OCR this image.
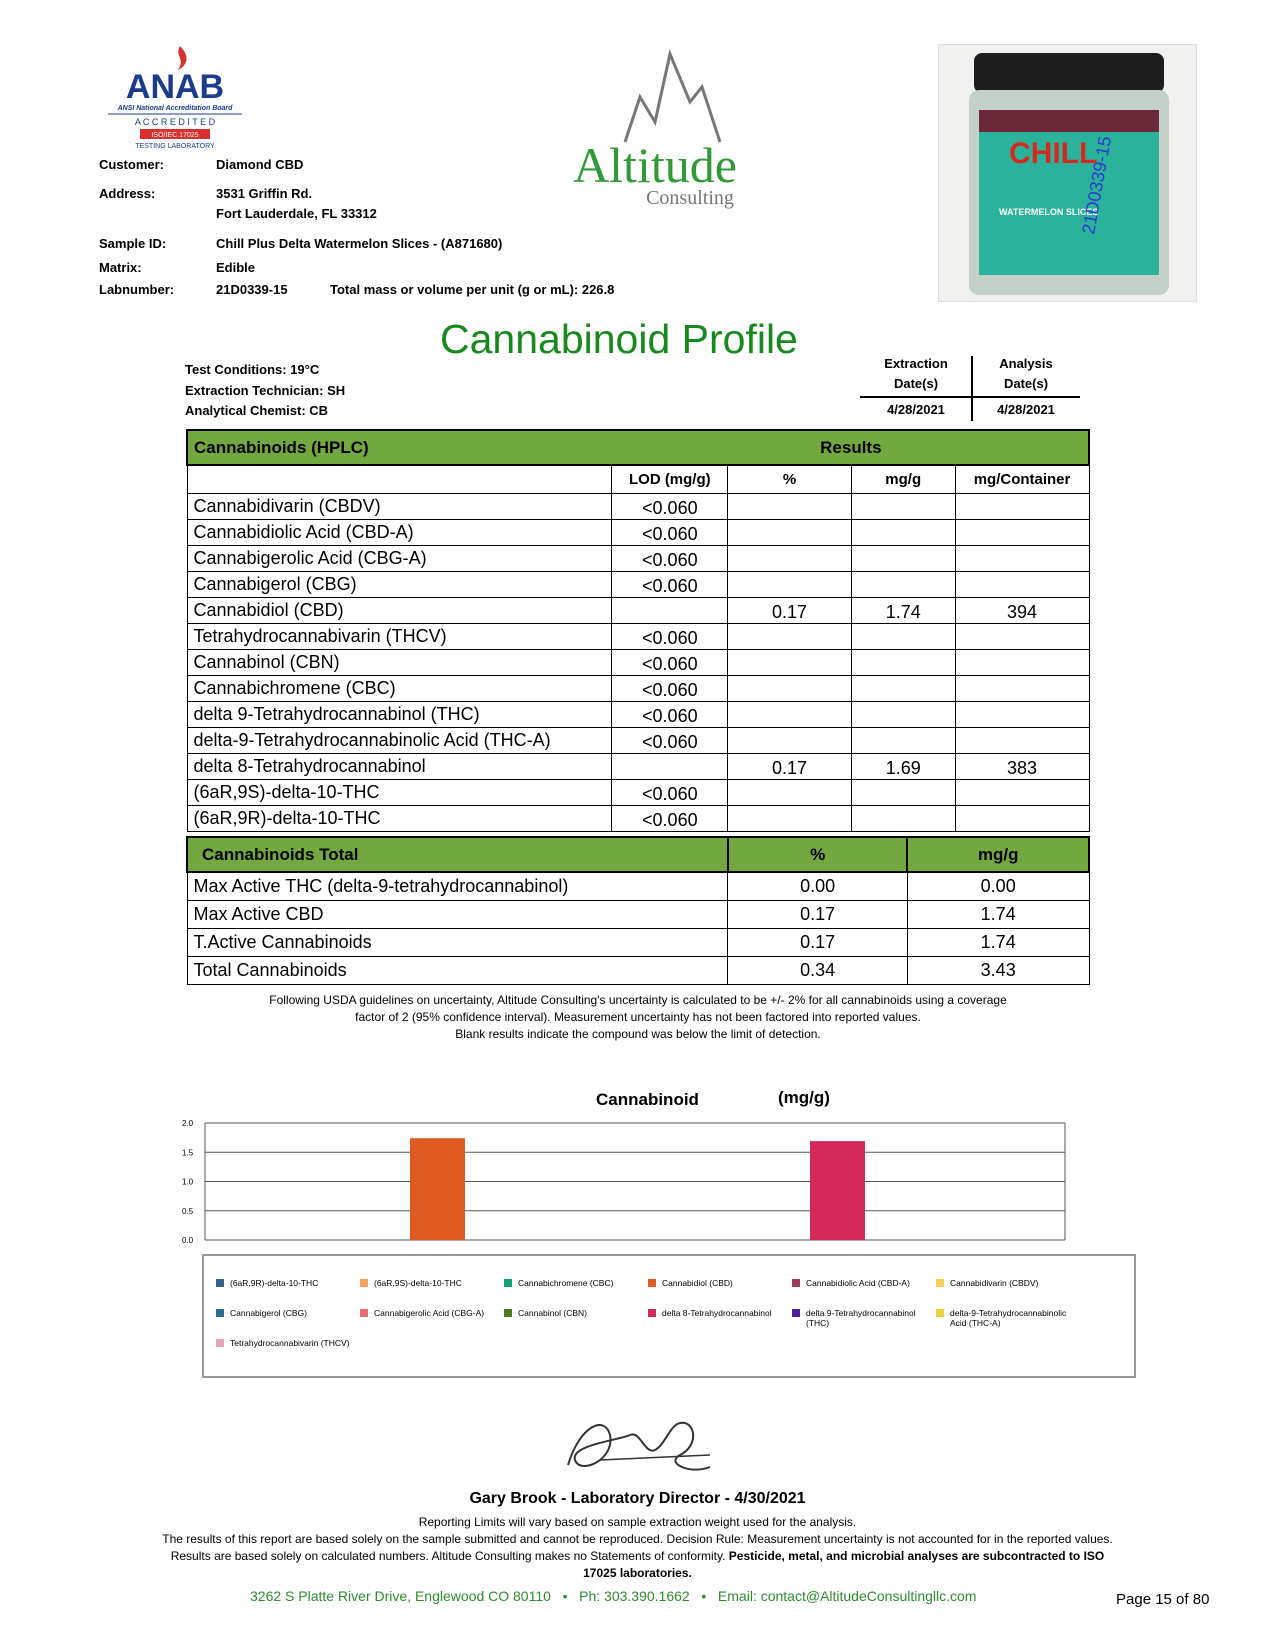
ANAB
ANSI National Accreditation Board
A C C R E D I T E D
ISO/IEC 17025
TESTING LABORATORY	Altitude
Consulting
CHILL
WATERMELON SLICES
21D0339-15
Customer:	Diamond CBD
Address:	3531 Griffin Rd.
Fort Lauderdale, FL 33312
Sample ID:	Chill Plus Delta Watermelon Slices - (A871680)
Matrix:	Edible
Labnumber:	21D0339-15	Total mass or volume per unit (g or mL): 226.8
Cannabinoid Profile
Test Conditions: 19°C
Extraction Technician: SH
Analytical Chemist: CB
Extraction
Date(s)
Analysis
Date(s)
4/28/2021	4/28/2021
Cannabinoids (HPLC)		Results		
	LOD (mg/g)	%	mg/g	mg/Container
Cannabidivarin (CBDV)	<0.060			
Cannabidiolic Acid (CBD-A)	<0.060			
Cannabigerolic Acid (CBG-A)	<0.060			
Cannabigerol (CBG)	<0.060			
Cannabidiol (CBD)		0.17	1.74	394
Tetrahydrocannabivarin (THCV)	<0.060			
Cannabinol (CBN)	<0.060			
Cannabichromene (CBC)	<0.060			
delta 9-Tetrahydrocannabinol (THC)	<0.060			
delta-9-Tetrahydrocannabinolic Acid (THC-A)	<0.060			
delta 8-Tetrahydrocannabinol		0.17	1.69	383
(6aR,9S)-delta-10-THC	<0.060			
(6aR,9R)-delta-10-THC	<0.060			
Cannabinoids Total	%	mg/g
Max Active THC (delta-9-tetrahydrocannabinol)	0.00	0.00
Max Active CBD	0.17	1.74
T.Active Cannabinoids	0.17	1.74
Total Cannabinoids	0.34	3.43
Following USDA guidelines on uncertainty, Altitude Consulting's uncertainty is calculated to be +/- 2% for all cannabinoids using a coverage
factor of 2 (95% confidence interval). Measurement uncertainty has not been factored into reported values.
Blank results indicate the compound was below the limit of detection.
Cannabinoid	(mg/g)
0.0
0.5
1.0
1.5
2.0
(6aR,9R)-delta-10-THC	(6aR,9S)-delta-10-THC	Cannabichromene (CBC)	Cannabidiol (CBD)	Cannabidiolic Acid (CBD-A)	Cannabidivarin (CBDV)
Cannabigerol (CBG)	Cannabigerolic Acid (CBG-A)	Cannabinol (CBN)	delta 8-Tetrahydrocannabinol	delta 9-Tetrahydrocannabinol (THC)
delta-9-Tetrahydrocannabinolic Acid (THC-A)
Tetrahydrocannabivarin (THCV)
Gary Brook - Laboratory Director - 4/30/2021
Reporting Limits will vary based on sample extraction weight used for the analysis.
The results of this report are based solely on the sample submitted and cannot be reproduced. Decision Rule: Measurement uncertainty is not accounted for in the reported values.
Results are based solely on calculated numbers. Altitude Consulting makes no Statements of conformity. Pesticide, metal, and microbial analyses are subcontracted to ISO
17025 laboratories.
3262 S Platte River Drive, Englewood CO 80110   •   Ph: 303.390.1662   •   Email: contact@AltitudeConsultingllc.com	Page 15 of 80
